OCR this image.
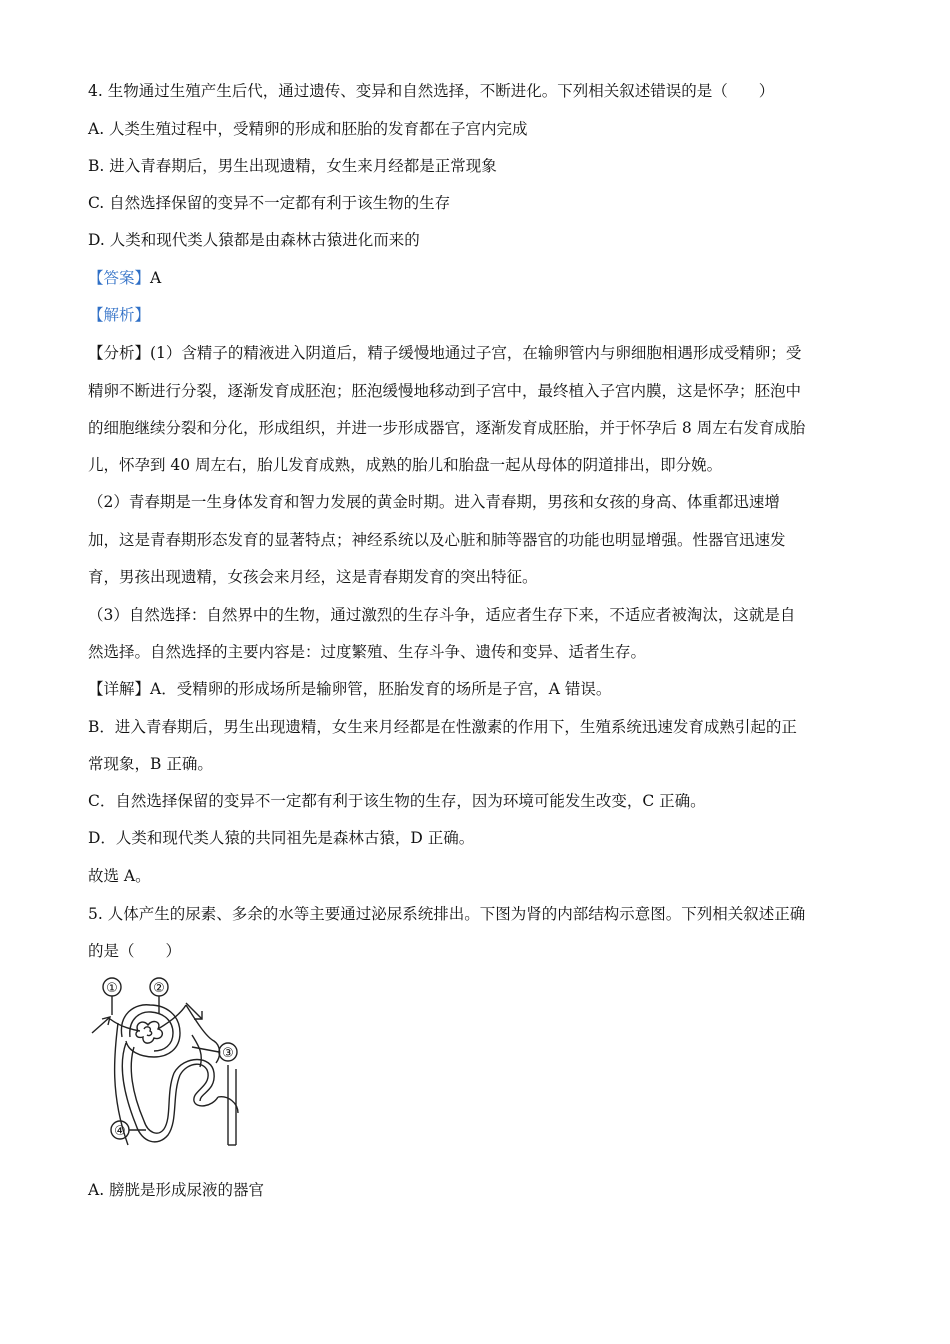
4. 生物通过生殖产生后代，通过遗传、变异和自然选择，不断进化。下列相关叙述错误的是（　　）
A. 人类生殖过程中，受精卵的形成和胚胎的发育都在子宫内完成
B. 进入青春期后，男生出现遗精，女生来月经都是正常现象
C. 自然选择保留的变异不一定都有利于该生物的生存
D. 人类和现代类人猿都是由森林古猿进化而来的
【答案】A
【解析】
【分析】(1）含精子的精液进入阴道后，精子缓慢地通过子宫，在输卵管内与卵细胞相遇形成受精卵；受
精卵不断进行分裂，逐渐发育成胚泡；胚泡缓慢地移动到子宫中，最终植入子宫内膜，这是怀孕；胚泡中
的细胞继续分裂和分化，形成组织，并进一步形成器官，逐渐发育成胚胎，并于怀孕后 8 周左右发育成胎
儿，怀孕到 40 周左右，胎儿发育成熟，成熟的胎儿和胎盘一起从母体的阴道排出，即分娩。
（2）青春期是一生身体发育和智力发展的黄金时期。进入青春期，男孩和女孩的身高、体重都迅速增
加，这是青春期形态发育的显著特点；神经系统以及心脏和肺等器官的功能也明显增强。性器官迅速发
育，男孩出现遗精，女孩会来月经，这是青春期发育的突出特征。
（3）自然选择：自然界中的生物，通过激烈的生存斗争，适应者生存下来，不适应者被淘汰，这就是自
然选择。自然选择的主要内容是：过度繁殖、生存斗争、遗传和变异、适者生存。
【详解】A．受精卵的形成场所是输卵管，胚胎发育的场所是子宫，A 错误。
B．进入青春期后，男生出现遗精，女生来月经都是在性激素的作用下，生殖系统迅速发育成熟引起的正
常现象，B 正确。
C．自然选择保留的变异不一定都有利于该生物的生存，因为环境可能发生改变，C 正确。
D．人类和现代类人猿的共同祖先是森林古猿，D 正确。
故选 A。
5. 人体产生的尿素、多余的水等主要通过泌尿系统排出。下图为肾的内部结构示意图。下列相关叙述正确
的是（　　）
①	②
③
④
A. 膀胱是形成尿液的器官
